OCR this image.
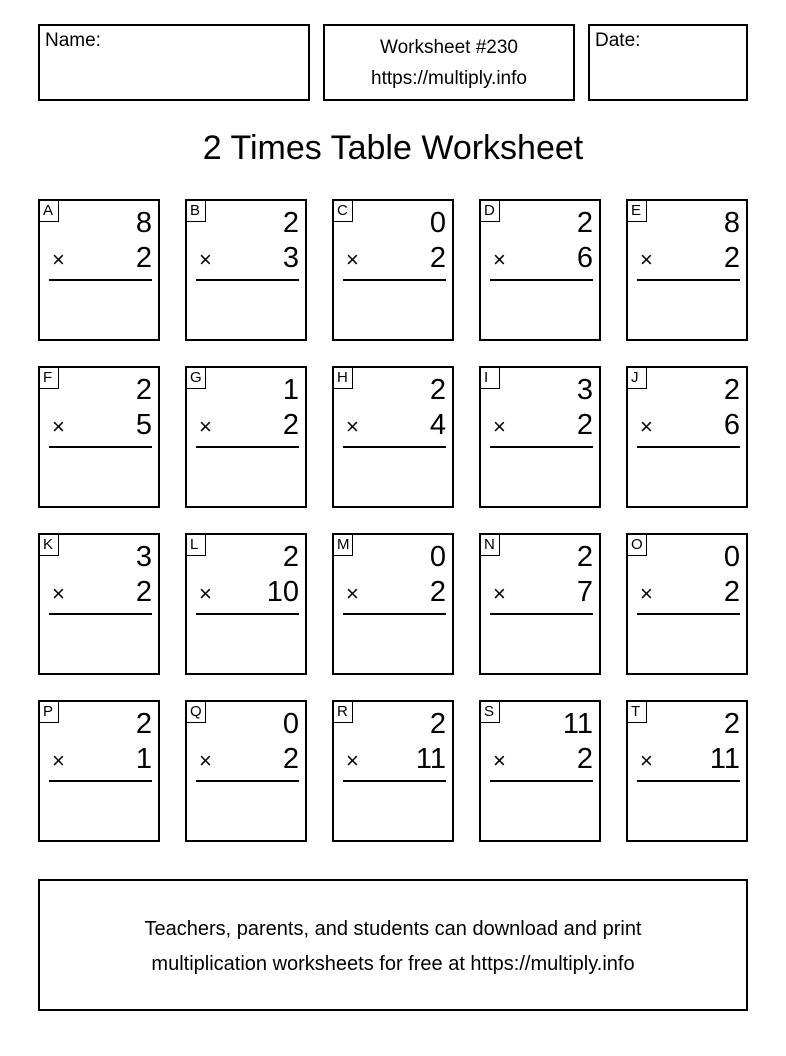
Name:	Worksheet #230
https://multiply.info
Date:
2 Times Table Worksheet
A	8
× 2
B	2
× 3
C	0
× 2
D	2
× 6
E	8
× 2
F	2
× 5
G	1
× 2
H	2
× 4
I	3
× 2
J	2
× 6
K	3
× 2
L	2
× 10
M	0
× 2
N	2
× 7
O	0
× 2
P	2
× 1
Q	0
× 2
R	2
× 11
S 11
× 2
T	2
× 11
Teachers, parents, and students can download and print
multiplication worksheets for free at https://multiply.info
